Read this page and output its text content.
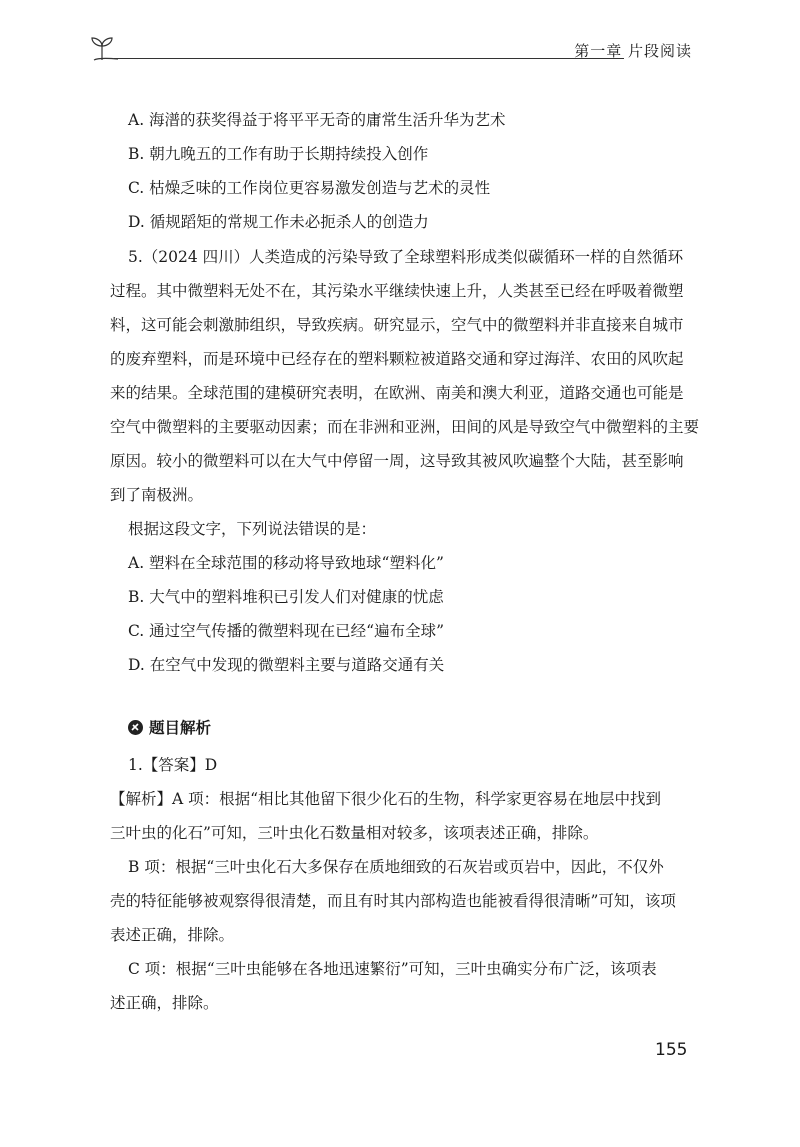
第一章 片段阅读
A. 海潽的获奖得益于将平平无奇的庸常生活升华为艺术
B. 朝九晚五的工作有助于长期持续投入创作
C. 枯燥乏味的工作岗位更容易激发创造与艺术的灵性
D. 循规蹈矩的常规工作未必扼杀人的创造力
5.（2024 四川）人类造成的污染导致了全球塑料形成类似碳循环一样的自然循环
过程。其中微塑料无处不在，其污染水平继续快速上升，人类甚至已经在呼吸着微塑
料，这可能会刺激肺组织，导致疾病。研究显示，空气中的微塑料并非直接来自城市
的废弃塑料，而是环境中已经存在的塑料颗粒被道路交通和穿过海洋、农田的风吹起
来的结果。全球范围的建模研究表明，在欧洲、南美和澳大利亚，道路交通也可能是
空气中微塑料的主要驱动因素；而在非洲和亚洲，田间的风是导致空气中微塑料的主要
原因。较小的微塑料可以在大气中停留一周，这导致其被风吹遍整个大陆，甚至影响
到了南极洲。
根据这段文字，下列说法错误的是：
A. 塑料在全球范围的移动将导致地球“塑料化”
B. 大气中的塑料堆积已引发人们对健康的忧虑
C. 通过空气传播的微塑料现在已经“遍布全球”
D. 在空气中发现的微塑料主要与道路交通有关
题目解析
1.【答案】D
【解析】A 项：根据“相比其他留下很少化石的生物，科学家更容易在地层中找到
三叶虫的化石”可知，三叶虫化石数量相对较多，该项表述正确，排除。
B 项：根据“三叶虫化石大多保存在质地细致的石灰岩或页岩中，因此，不仅外
壳的特征能够被观察得很清楚，而且有时其内部构造也能被看得很清晰”可知，该项
表述正确，排除。
C 项：根据“三叶虫能够在各地迅速繁衍”可知，三叶虫确实分布广泛，该项表
述正确，排除。
155
